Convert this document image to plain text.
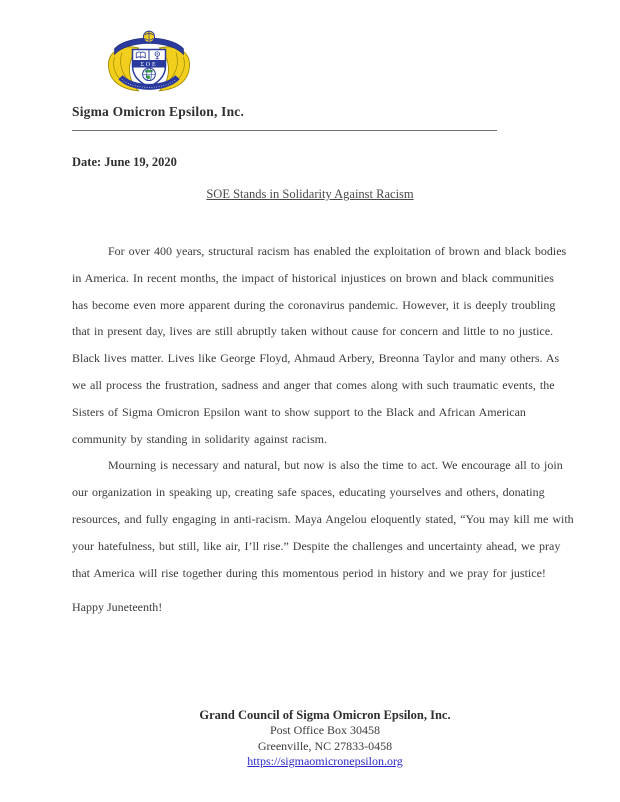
ΣΟΕ
Sigma Omicron Epsilon, Inc.
Date: June 19, 2020
SOE Stands in Solidarity Against Racism
For over 400 years, structural racism has enabled the exploitation of brown and black bodies
in America. In recent months, the impact of historical injustices on brown and black communities
has become even more apparent during the coronavirus pandemic. However, it is deeply troubling
that in present day, lives are still abruptly taken without cause for concern and little to no justice.
Black lives matter. Lives like George Floyd, Ahmaud Arbery, Breonna Taylor and many others. As
we all process the frustration, sadness and anger that comes along with such traumatic events, the
Sisters of Sigma Omicron Epsilon want to show support to the Black and African American
community by standing in solidarity against racism.
Mourning is necessary and natural, but now is also the time to act. We encourage all to join
our organization in speaking up, creating safe spaces, educating yourselves and others, donating
resources, and fully engaging in anti-racism. Maya Angelou eloquently stated, “You may kill me with
your hatefulness, but still, like air, I’ll rise.” Despite the challenges and uncertainty ahead, we pray
that America will rise together during this momentous period in history and we pray for justice!
Happy Juneteenth!
Grand Council of Sigma Omicron Epsilon, Inc.
Post Office Box 30458
Greenville, NC 27833-0458
https://sigmaomicronepsilon.org
